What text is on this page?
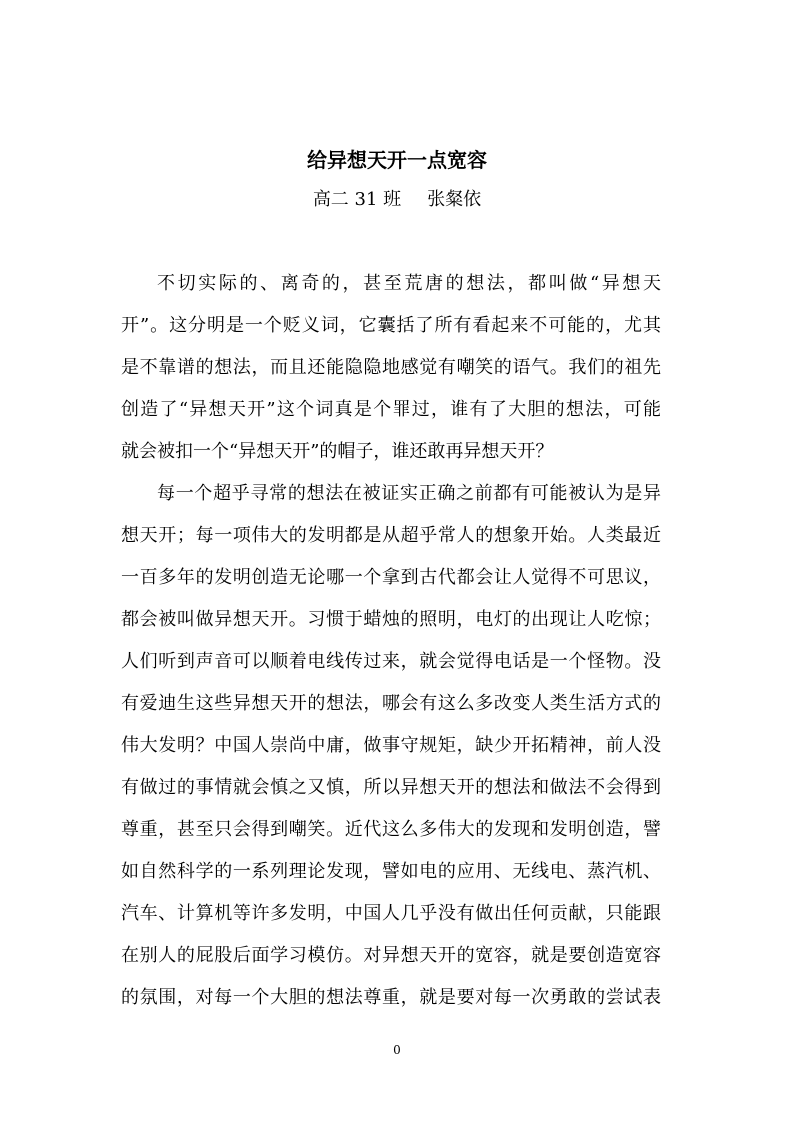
给异想天开一点宽容
高二 31 班 张粲依
不切实际的、离奇的，甚至荒唐的想法，都叫做“异想天
开”。这分明是一个贬义词，它囊括了所有看起来不可能的，尤其
是不靠谱的想法，而且还能隐隐地感觉有嘲笑的语气。我们的祖先
创造了“异想天开”这个词真是个罪过，谁有了大胆的想法，可能
就会被扣一个“异想天开”的帽子，谁还敢再异想天开？
每一个超乎寻常的想法在被证实正确之前都有可能被认为是异
想天开；每一项伟大的发明都是从超乎常人的想象开始。人类最近
一百多年的发明创造无论哪一个拿到古代都会让人觉得不可思议，
都会被叫做异想天开。习惯于蜡烛的照明，电灯的出现让人吃惊；
人们听到声音可以顺着电线传过来，就会觉得电话是一个怪物。没
有爱迪生这些异想天开的想法，哪会有这么多改变人类生活方式的
伟大发明？中国人崇尚中庸，做事守规矩，缺少开拓精神，前人没
有做过的事情就会慎之又慎，所以异想天开的想法和做法不会得到
尊重，甚至只会得到嘲笑。近代这么多伟大的发现和发明创造，譬
如自然科学的一系列理论发现，譬如电的应用、无线电、蒸汽机、
汽车、计算机等许多发明，中国人几乎没有做出任何贡献，只能跟
在别人的屁股后面学习模仿。对异想天开的宽容，就是要创造宽容
的氛围，对每一个大胆的想法尊重，就是要对每一次勇敢的尝试表
0
